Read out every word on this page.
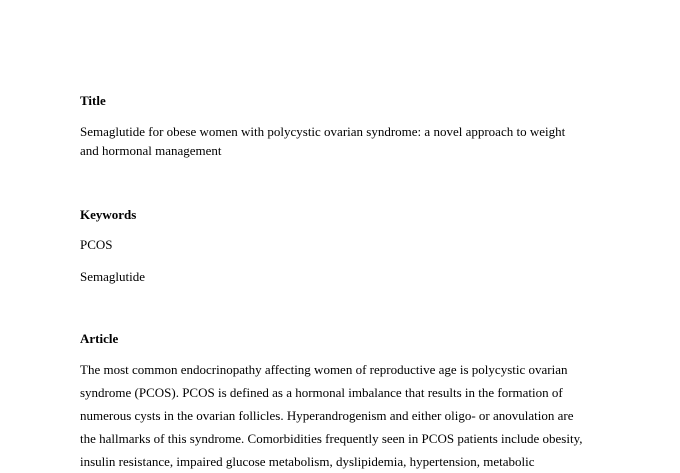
Title
Semaglutide for obese women with polycystic ovarian syndrome: a novel approach to weight
and hormonal management
Keywords
PCOS
Semaglutide
Article
The most common endocrinopathy affecting women of reproductive age is polycystic ovarian
syndrome (PCOS). PCOS is defined as a hormonal imbalance that results in the formation of
numerous cysts in the ovarian follicles. Hyperandrogenism and either oligo- or anovulation are
the hallmarks of this syndrome. Comorbidities frequently seen in PCOS patients include obesity,
insulin resistance, impaired glucose metabolism, dyslipidemia, hypertension, metabolic
